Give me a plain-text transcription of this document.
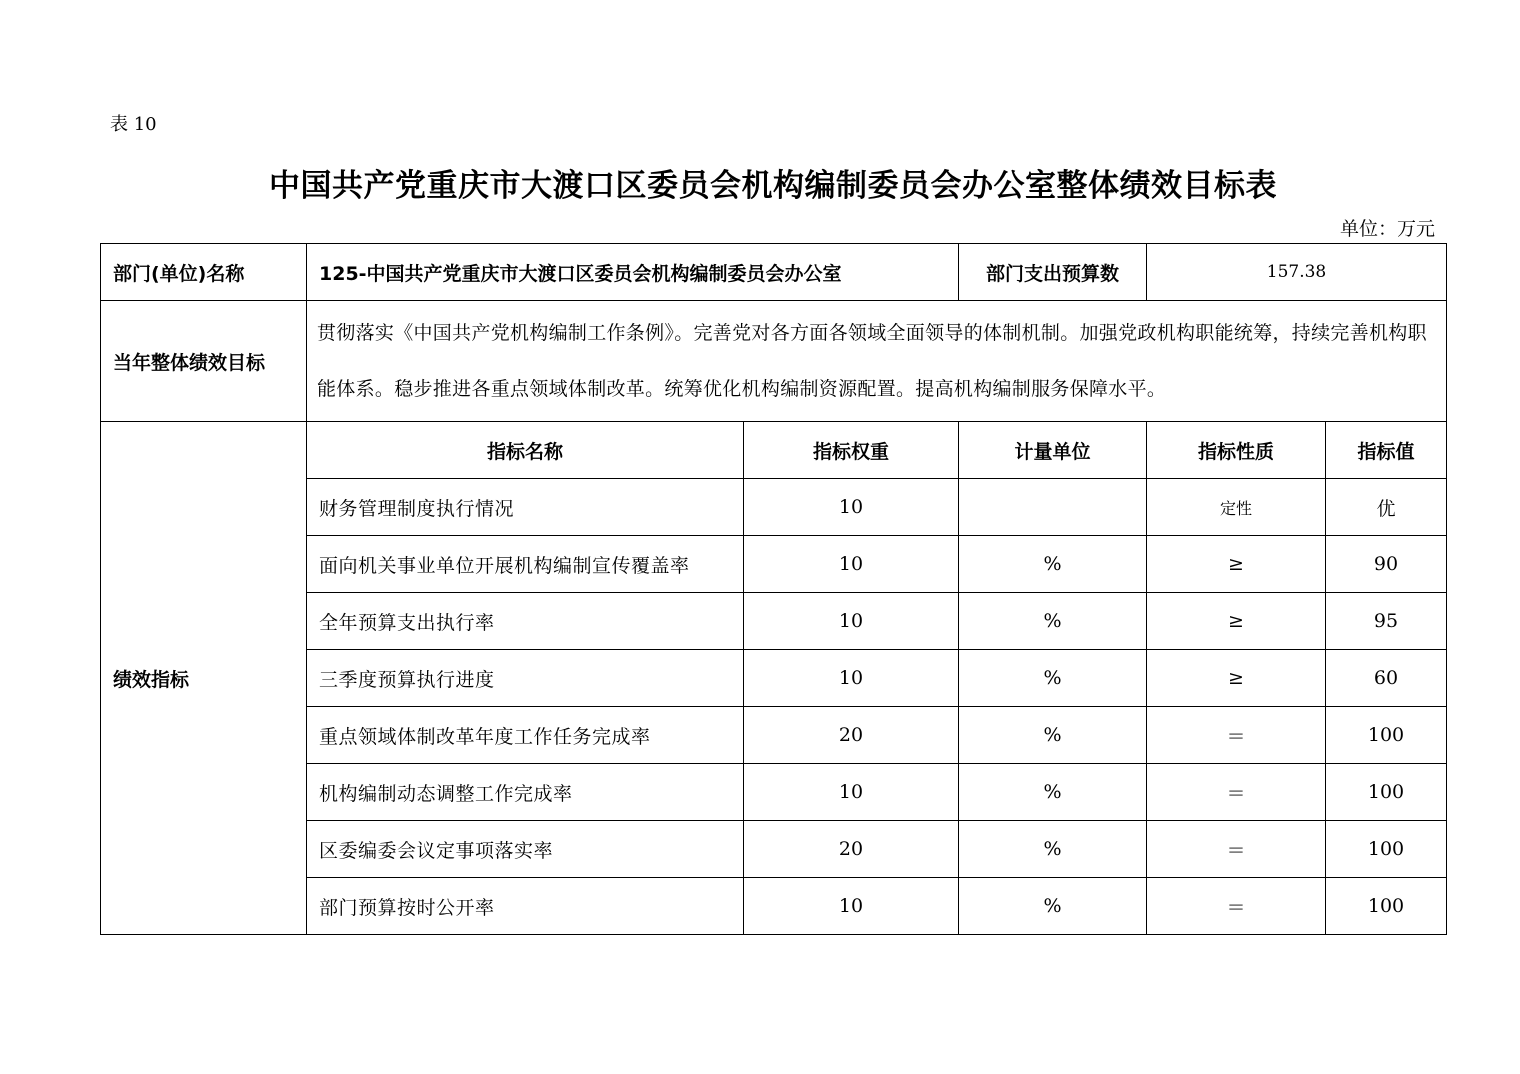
表 10
中国共产党重庆市大渡口区委员会机构编制委员会办公室整体绩效目标表
单位：万元
部门(单位)名称	125-中国共产党重庆市大渡口区委员会机构编制委员会办公室		部门支出预算数	157.38	
当年整体绩效目标	贯彻落实《中国共产党机构编制工作条例》。完善党对各方面各领域全面领导的体制机制。加强党政机构职能统筹，持续完善机构职能体系。稳步推进各重点领域体制改革。统筹优化机构编制资源配置。提高机构编制服务保障水平。				
绩效指标	指标名称	指标权重	计量单位	指标性质	指标值
	财务管理制度执行情况	10		定性	优
	面向机关事业单位开展机构编制宣传覆盖率	10	%	≥	90
	全年预算支出执行率	10	%	≥	95
	三季度预算执行进度	10	%	≥	60
	重点领域体制改革年度工作任务完成率	20	%	＝	100
	机构编制动态调整工作完成率	10	%	＝	100
	区委编委会议定事项落实率	20	%	＝	100
	部门预算按时公开率	10	%	＝	100
